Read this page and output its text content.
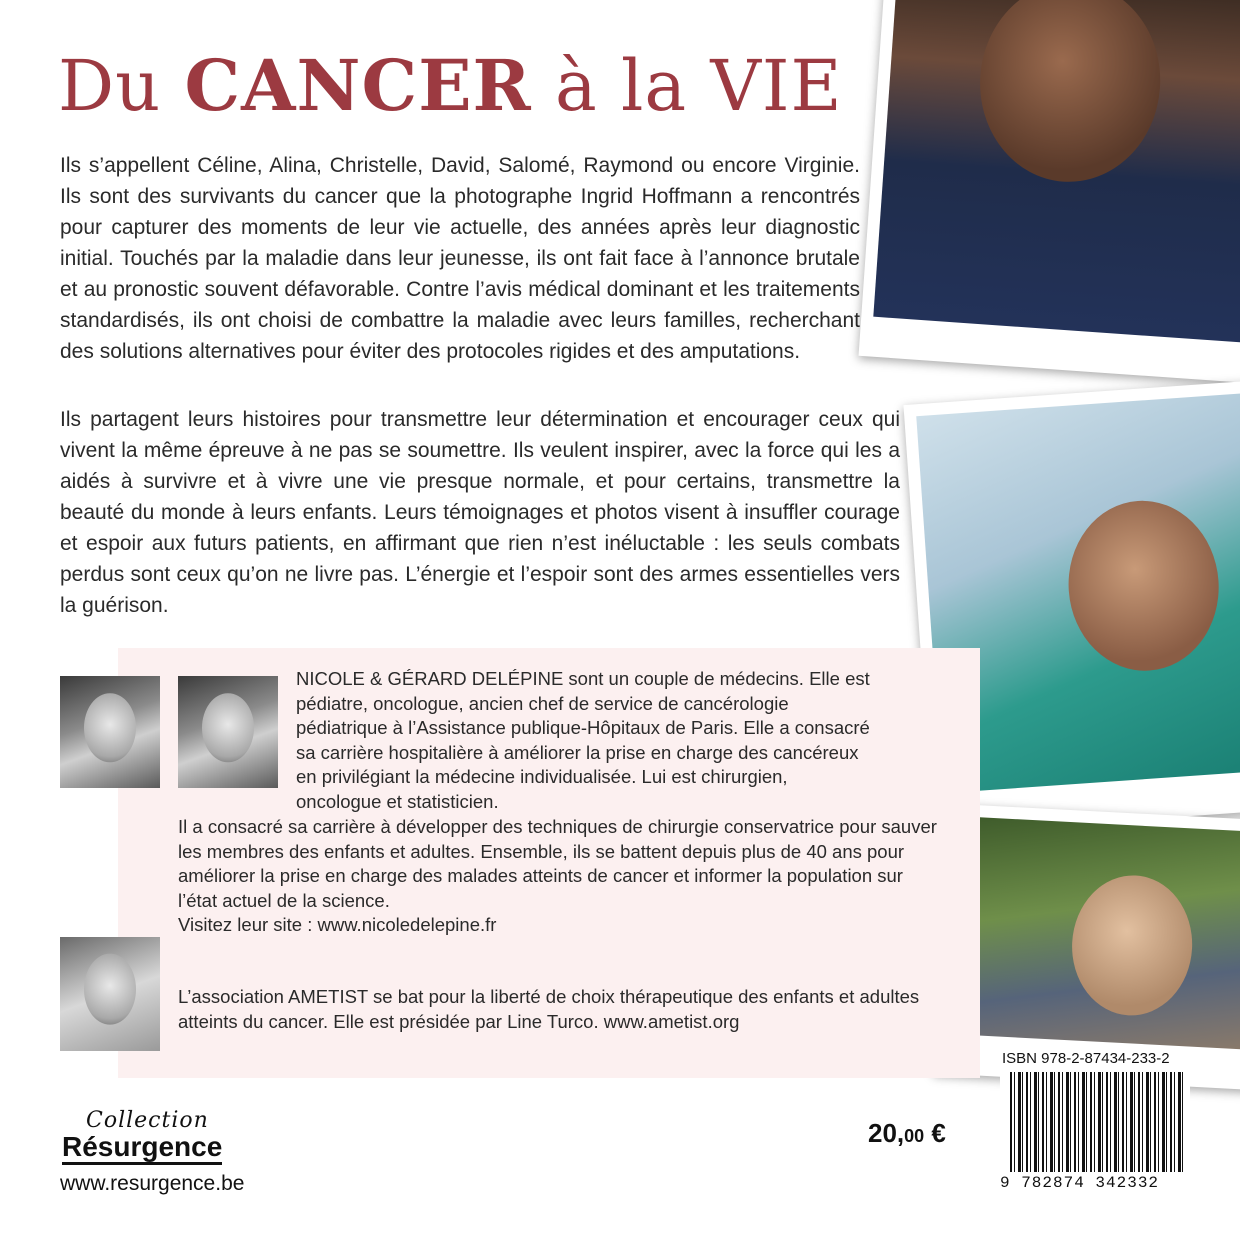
Du CANCER à la VIE

Ils s’appellent Céline, Alina, Christelle, David, Salomé, Raymond ou encore Virginie. Ils sont des survivants du cancer que la photographe Ingrid Hoffmann a rencontrés pour capturer des moments de leur vie actuelle, des années après leur diagnostic initial. Touchés par la maladie dans leur jeunesse, ils ont fait face à l’annonce brutale et au pronostic souvent défavorable. Contre l’avis médical dominant et les traitements standardisés, ils ont choisi de combattre la maladie avec leurs familles, recherchant des solutions alternatives pour éviter des protocoles rigides et des amputations.

Ils partagent leurs histoires pour transmettre leur détermination et encourager ceux qui vivent la même épreuve à ne pas se soumettre. Ils veulent inspirer, avec la force qui les a aidés à survivre et à vivre une vie presque normale, et pour certains, transmettre la beauté du monde à leurs enfants. Leurs témoignages et photos visent à insuffler courage et espoir aux futurs patients, en affirmant que rien n’est inéluctable : les seuls combats perdus sont ceux qu’on ne livre pas. L’énergie et l’espoir sont des armes essentielles vers la guérison.

NICOLE & GÉRARD DELÉPINE sont un couple de médecins. Elle est pédiatre, oncologue, ancien chef de service de cancérologie pédiatrique à l’Assistance publique-Hôpitaux de Paris. Elle a consacré sa carrière hospitalière à améliorer la prise en charge des cancéreux en privilégiant la médecine individualisée. Lui est chirurgien, oncologue et statisticien.

Il a consacré sa carrière à développer des techniques de chirurgie conservatrice pour sauver les membres des enfants et adultes. Ensemble, ils se battent depuis plus de 40 ans pour améliorer la prise en charge des malades atteints de cancer et informer la population sur l’état actuel de la science.
Visitez leur site : www.nicoledelepine.fr

L’association AMETIST se bat pour la liberté de choix thérapeutique des enfants et adultes atteints du cancer. Elle est présidée par Line Turco. www.ametist.org

20,00 €
ISBN 978-2-87434-233-2
9 782874 342332
Résurgence
Collection
www.resurgence.be
